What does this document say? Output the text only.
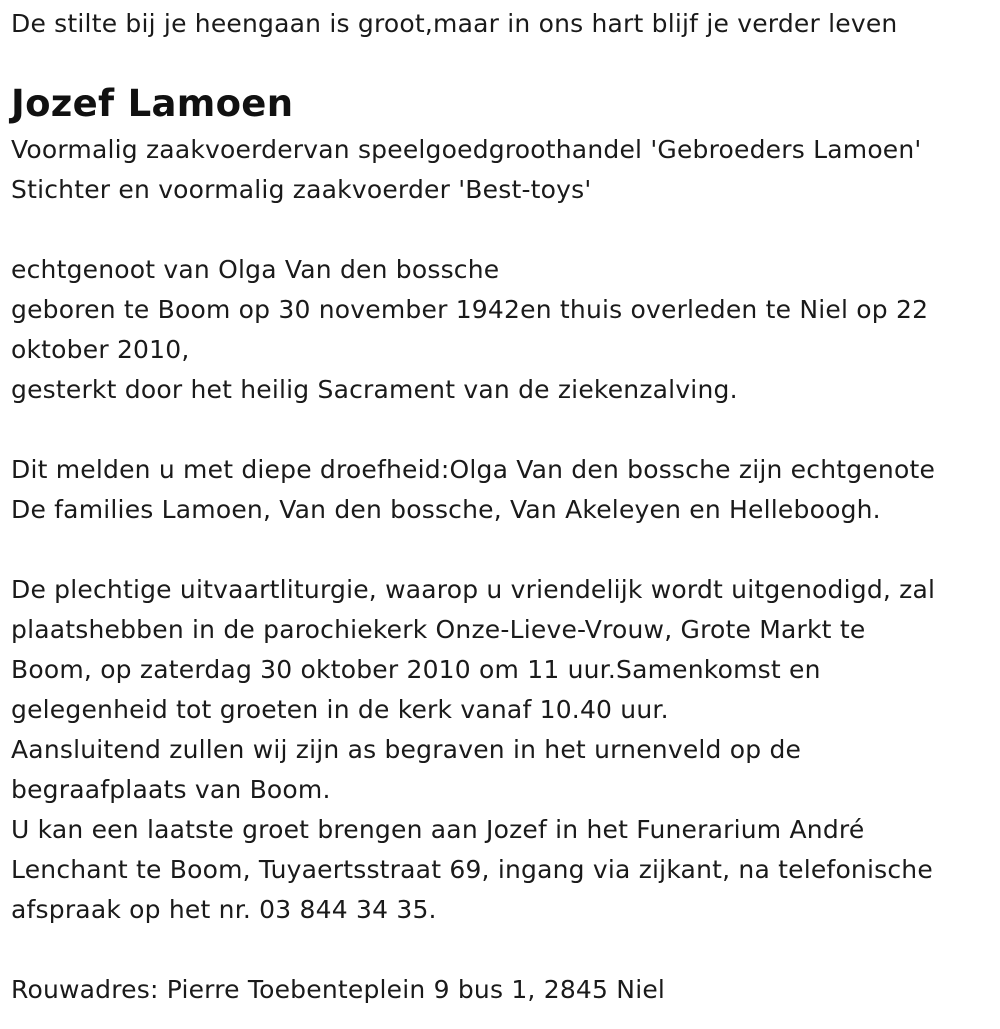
De stilte bij je heengaan is groot,maar in ons hart blijf je verder leven
Jozef Lamoen
Voormalig zaakvoerdervan speelgoedgroothandel 'Gebroeders Lamoen'
Stichter en voormalig zaakvoerder 'Best-toys'
echtgenoot van Olga Van den bossche
geboren te Boom op 30 november 1942en thuis overleden te Niel op 22
oktober 2010,
gesterkt door het heilig Sacrament van de ziekenzalving.
Dit melden u met diepe droefheid:Olga Van den bossche zijn echtgenote
De families Lamoen, Van den bossche, Van Akeleyen en Helleboogh.
De plechtige uitvaartliturgie, waarop u vriendelijk wordt uitgenodigd, zal
plaatshebben in de parochiekerk Onze-Lieve-Vrouw, Grote Markt te
Boom, op zaterdag 30 oktober 2010 om 11 uur.Samenkomst en
gelegenheid tot groeten in de kerk vanaf 10.40 uur.
Aansluitend zullen wij zijn as begraven in het urnenveld op de
begraafplaats van Boom.
U kan een laatste groet brengen aan Jozef in het Funerarium André
Lenchant te Boom, Tuyaertsstraat 69, ingang via zijkant, na telefonische
afspraak op het nr. 03 844 34 35.
Rouwadres: Pierre Toebenteplein 9 bus 1, 2845 Niel
